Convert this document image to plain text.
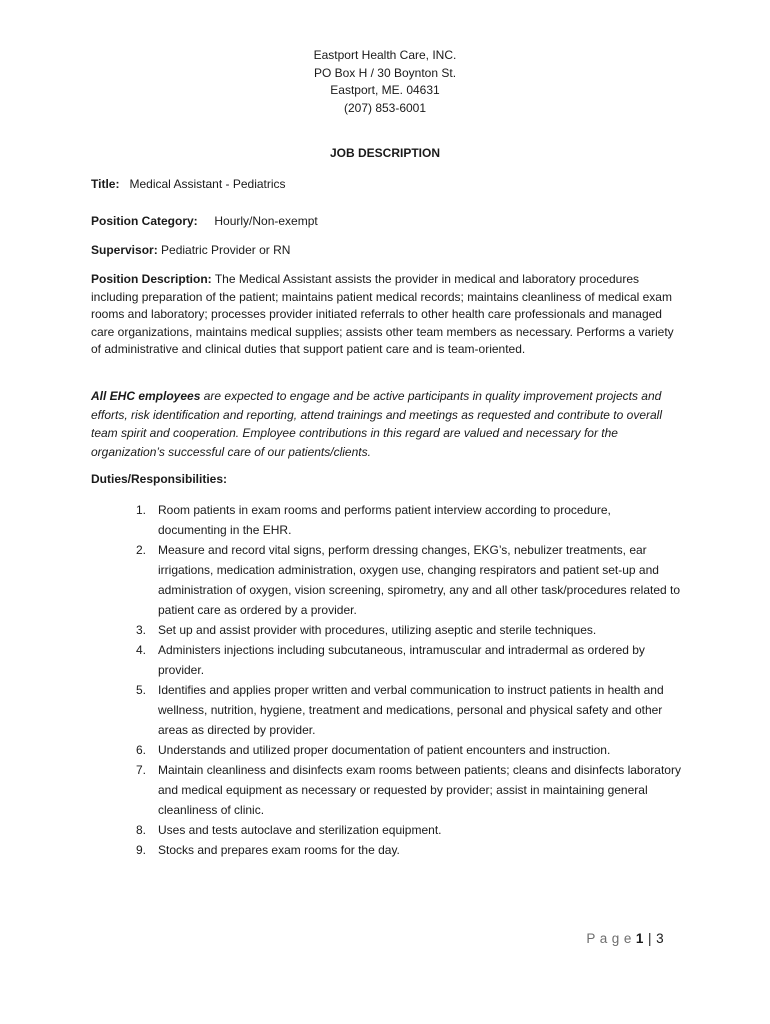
Eastport Health Care, INC.
PO Box H / 30 Boynton St.
Eastport, ME. 04631
(207) 853-6001
JOB DESCRIPTION
Title: Medical Assistant - Pediatrics
Position Category: Hourly/Non-exempt
Supervisor: Pediatric Provider or RN
Position Description: The Medical Assistant assists the provider in medical and laboratory procedures including preparation of the patient; maintains patient medical records; maintains cleanliness of medical exam rooms and laboratory; processes provider initiated referrals to other health care professionals and managed care organizations, maintains medical supplies; assists other team members as necessary. Performs a variety of administrative and clinical duties that support patient care and is team-oriented.
All EHC employees are expected to engage and be active participants in quality improvement projects and efforts, risk identification and reporting, attend trainings and meetings as requested and contribute to overall team spirit and cooperation. Employee contributions in this regard are valued and necessary for the organization’s successful care of our patients/clients.
Duties/Responsibilities:
1. Room patients in exam rooms and performs patient interview according to procedure, documenting in the EHR.
2. Measure and record vital signs, perform dressing changes, EKG’s, nebulizer treatments, ear irrigations, medication administration, oxygen use, changing respirators and patient set-up and administration of oxygen, vision screening, spirometry, any and all other task/procedures related to patient care as ordered by a provider.
3. Set up and assist provider with procedures, utilizing aseptic and sterile techniques.
4. Administers injections including subcutaneous, intramuscular and intradermal as ordered by provider.
5. Identifies and applies proper written and verbal communication to instruct patients in health and wellness, nutrition, hygiene, treatment and medications, personal and physical safety and other areas as directed by provider.
6. Understands and utilized proper documentation of patient encounters and instruction.
7. Maintain cleanliness and disinfects exam rooms between patients; cleans and disinfects laboratory and medical equipment as necessary or requested by provider; assist in maintaining general cleanliness of clinic.
8. Uses and tests autoclave and sterilization equipment.
9. Stocks and prepares exam rooms for the day.
P a g e 1 | 3
